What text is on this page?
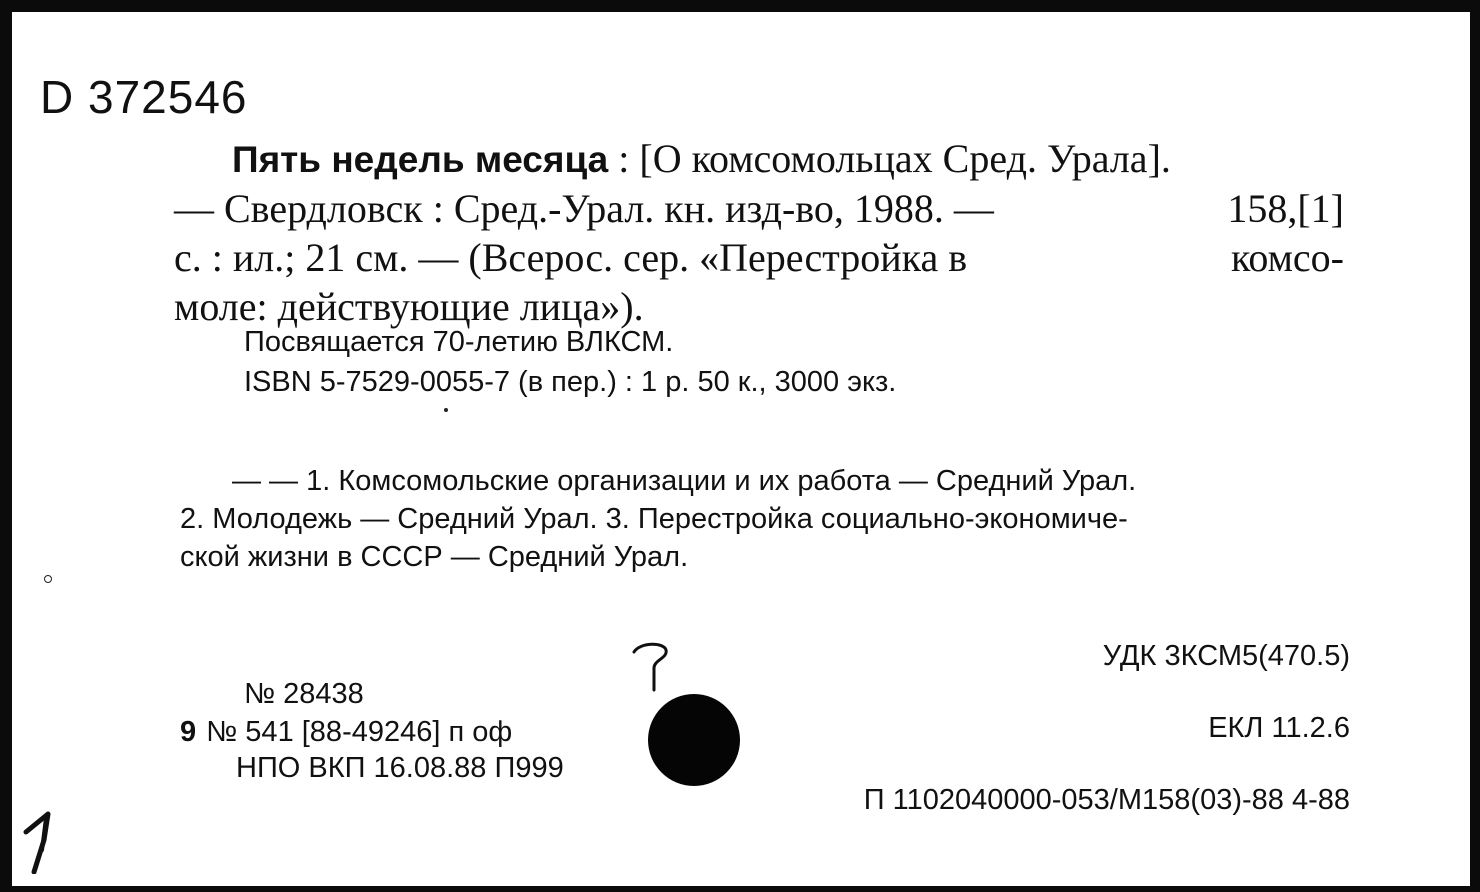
D 372546
Пять недель месяца : [О комсомольцах Сред. Урала].
— Свердловск : Сред.-Урал. кн. изд-во, 1988. —	158,[1]
с. : ил.; 21 см. — (Всерос. сер. «Перестройка в	комсо-
моле: действующие лица»).
Посвящается 70-летию ВЛКСМ.
ISBN 5-7529-0055-7 (в пер.) : 1 р. 50 к., 3000 экз.
— — 1. Комсомольские организации и их работа — Средний Урал.
2. Молодежь — Средний Урал. 3. Перестройка социально-экономиче-
ской жизни в СССР — Средний Урал.
УДК 3КСМ5(470.5)
ЕКЛ 11.2.6
П 1102040000-053/М158(03)-88 4-88
№ 28438
9 № 541 [88-49246] п оф
НПО ВКП 16.08.88 П999
